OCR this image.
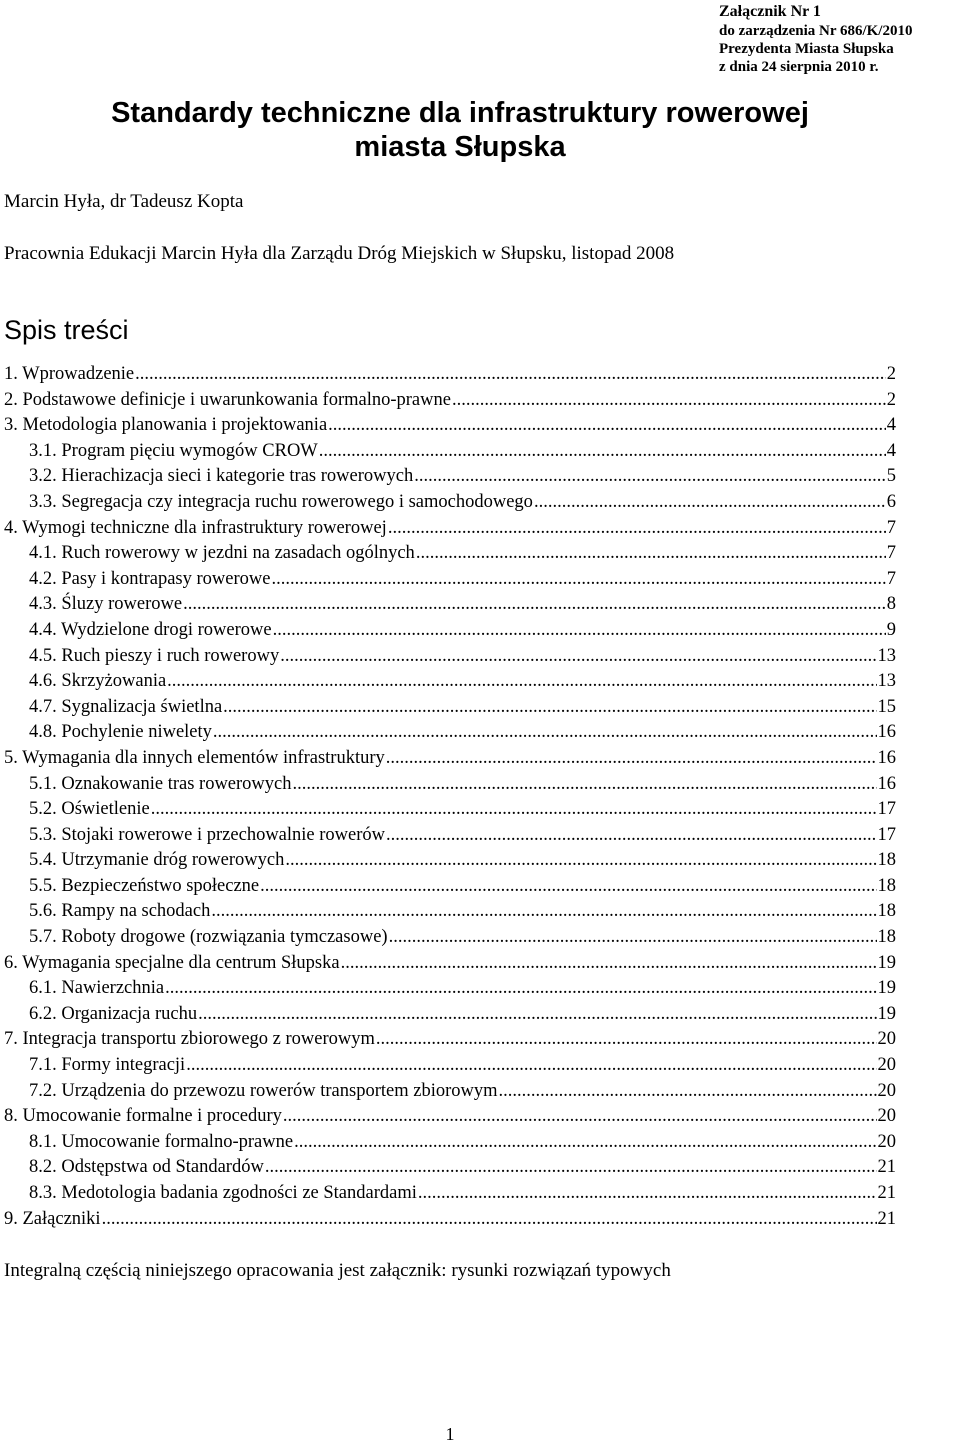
Załącznik Nr 1
do zarządzenia Nr 686/K/2010
Prezydenta Miasta Słupska
z dnia 24 sierpnia 2010 r.
Standardy techniczne dla infrastruktury rowerowej
miasta Słupska
Marcin Hyła, dr Tadeusz Kopta
Pracownia Edukacji Marcin Hyła dla Zarządu Dróg Miejskich w Słupsku, listopad 2008
Spis treści
1. Wprowadzenie .....	2
2. Podstawowe definicje i uwarunkowania formalno-prawne .....	2
3. Metodologia planowania i projektowania .....	4
3.1. Program pięciu wymogów CROW .....	4
3.2. Hierachizacja sieci i kategorie tras rowerowych .....	5
3.3. Segregacja czy integracja ruchu rowerowego i samochodowego .....	6
4. Wymogi techniczne dla infrastruktury rowerowej .....	7
4.1. Ruch rowerowy w jezdni na zasadach ogólnych .....	7
4.2. Pasy i kontrapasy rowerowe .....	7
4.3. Śluzy rowerowe .....	8
4.4. Wydzielone drogi rowerowe .....	9
4.5. Ruch pieszy i ruch rowerowy .....	13
4.6. Skrzyżowania .....	13
4.7. Sygnalizacja świetlna .....	15
4.8. Pochylenie niwelety .....	16
5. Wymagania dla innych elementów infrastruktury .....	16
5.1. Oznakowanie tras rowerowych .....	16
5.2. Oświetlenie .....	17
5.3. Stojaki rowerowe i przechowalnie rowerów .....	17
5.4. Utrzymanie dróg rowerowych .....	18
5.5. Bezpieczeństwo społeczne .....	18
5.6. Rampy na schodach .....	18
5.7. Roboty drogowe (rozwiązania tymczasowe) .....	18
6. Wymagania specjalne dla centrum Słupska .....	19
6.1. Nawierzchnia .....	19
6.2. Organizacja ruchu .....	19
7. Integracja transportu zbiorowego z rowerowym .....	20
7.1. Formy integracji .....	20
7.2. Urządzenia do przewozu rowerów transportem zbiorowym .....	20
8. Umocowanie formalne i procedury .....	20
8.1. Umocowanie formalno-prawne .....	20
8.2. Odstępstwa od Standardów .....	21
8.3. Medotologia badania zgodności ze Standardami .....	21
9. Załączniki .....	21
Integralną częścią niniejszego opracowania jest załącznik: rysunki rozwiązań typowych
1
